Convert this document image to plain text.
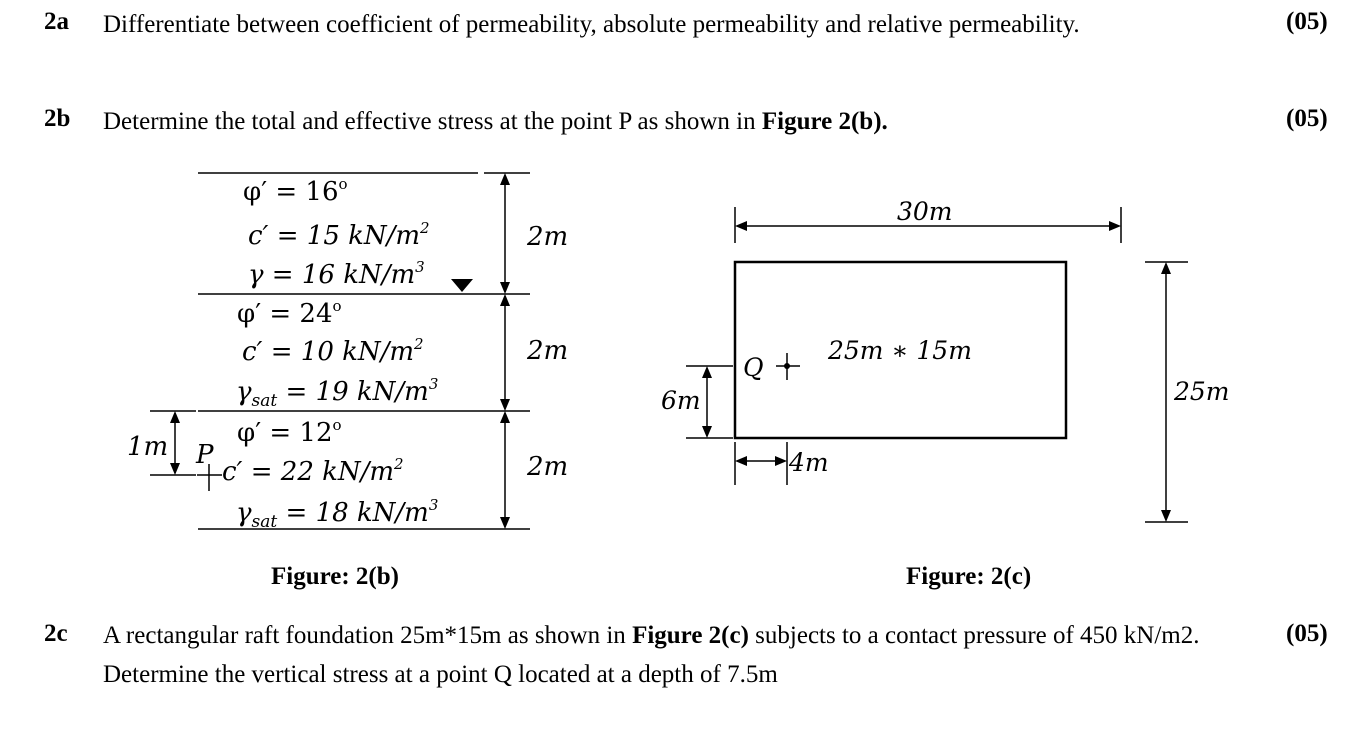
2a Differentiate between coefficient of permeability, absolute permeability and relative permeability.	(05)
2b Determine the total and effective stress at the point P as shown in Figure 2(b).	(05)
$\varphi' = 16^o$
c′ = 15 $kN/m^2$
γ = 16 $kN/m^3$
2m
$\varphi' = 24^o$
c′ = 10 $kN/m^2$
$\gamma_{sat} = 19$ $kN/m^3$
2m
$\varphi' = 12^o$
c′ = 22 $kN/m^2$
$\gamma_{sat} = 18$ $kN/m^3$
2m
1m P
30m
25m ∗ 15m
25m
6m
4m
Q
Figure: 2(b)	Figure: 2(c)
2c A rectangular raft foundation 25m*15m as shown in Figure 2(c) subjects to a contact pressure of 450 kN/m2. Determine the vertical stress at a point Q located at a depth of 7.5m
(05)
